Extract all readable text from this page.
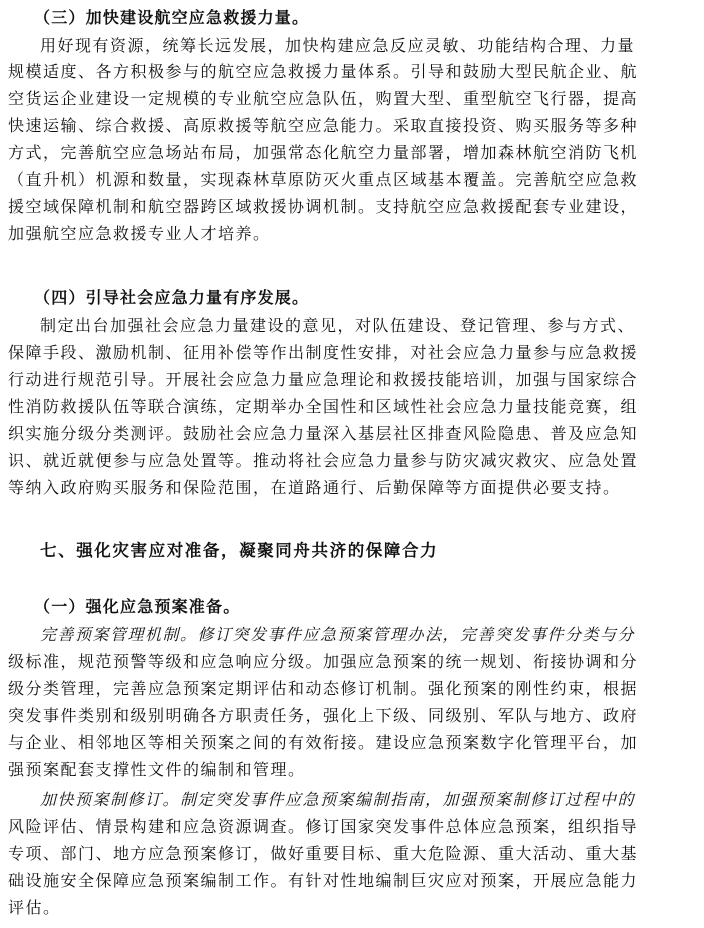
（三）加快建设航空应急救援力量。
用好现有资源，统筹长远发展，加快构建应急反应灵敏、功能结构合理、力量
规模适度、各方积极参与的航空应急救援力量体系。引导和鼓励大型民航企业、航
空货运企业建设一定规模的专业航空应急队伍，购置大型、重型航空飞行器，提高
快速运输、综合救援、高原救援等航空应急能力。采取直接投资、购买服务等多种
方式，完善航空应急场站布局，加强常态化航空力量部署，增加森林航空消防飞机
（直升机）机源和数量，实现森林草原防灭火重点区域基本覆盖。完善航空应急救
援空域保障机制和航空器跨区域救援协调机制。支持航空应急救援配套专业建设，
加强航空应急救援专业人才培养。
（四）引导社会应急力量有序发展。
制定出台加强社会应急力量建设的意见，对队伍建设、登记管理、参与方式、
保障手段、激励机制、征用补偿等作出制度性安排，对社会应急力量参与应急救援
行动进行规范引导。开展社会应急力量应急理论和救援技能培训，加强与国家综合
性消防救援队伍等联合演练，定期举办全国性和区域性社会应急力量技能竞赛，组
织实施分级分类测评。鼓励社会应急力量深入基层社区排查风险隐患、普及应急知
识、就近就便参与应急处置等。推动将社会应急力量参与防灾减灾救灾、应急处置
等纳入政府购买服务和保险范围，在道路通行、后勤保障等方面提供必要支持。
七、强化灾害应对准备，凝聚同舟共济的保障合力
（一）强化应急预案准备。
完善预案管理机制。修订突发事件应急预案管理办法，完善突发事件分类与分
级标准，规范预警等级和应急响应分级。加强应急预案的统一规划、衔接协调和分
级分类管理，完善应急预案定期评估和动态修订机制。强化预案的刚性约束，根据
突发事件类别和级别明确各方职责任务，强化上下级、同级别、军队与地方、政府
与企业、相邻地区等相关预案之间的有效衔接。建设应急预案数字化管理平台，加
强预案配套支撑性文件的编制和管理。
加快预案制修订。制定突发事件应急预案编制指南，加强预案制修订过程中的
风险评估、情景构建和应急资源调查。修订国家突发事件总体应急预案，组织指导
专项、部门、地方应急预案修订，做好重要目标、重大危险源、重大活动、重大基
础设施安全保障应急预案编制工作。有针对性地编制巨灾应对预案，开展应急能力
评估。
